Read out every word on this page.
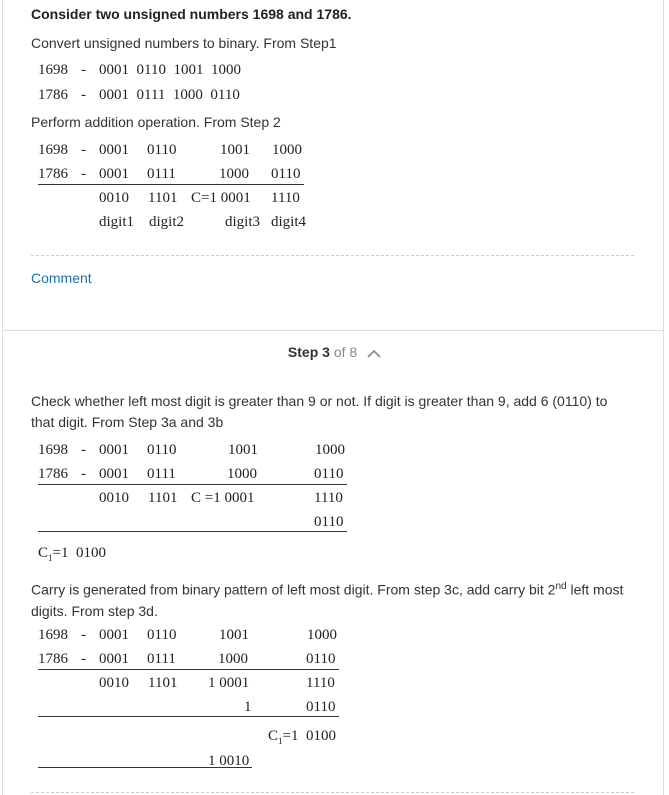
Consider two unsigned numbers 1698 and 1786.
Convert unsigned numbers to binary. From Step1
1698 - 0001  0110  1001  1000
1786 - 0001  0111  1000  0110
Perform addition operation. From Step 2
1698 - 0001 0110	1001 1000
1786 - 0001 0111	1000 0110
0010 1101 C=1 0001 1110
digit1 digit2	digit3 digit4
Comment
Step 3 of 8
Check whether left most digit is greater than 9 or not. If digit is greater than 9, add 6 (0110) to that digit. From Step 3a and 3b
1698 - 0001 0110	1001	1000
1786 - 0001 0111	1000	0110
0010 1101 C =1 0001	1110
0110
$C_1=1$  0100
Carry is generated from binary pattern of left most digit. From step 3c, add carry bit 2nd left most digits. From step 3d.
1698 - 0001 0110	1001	1000
1786 - 0001 0111	1000	0110
0010 1101 1 0001	1110
1	0110
$C_1=1$  0100
1 0010
